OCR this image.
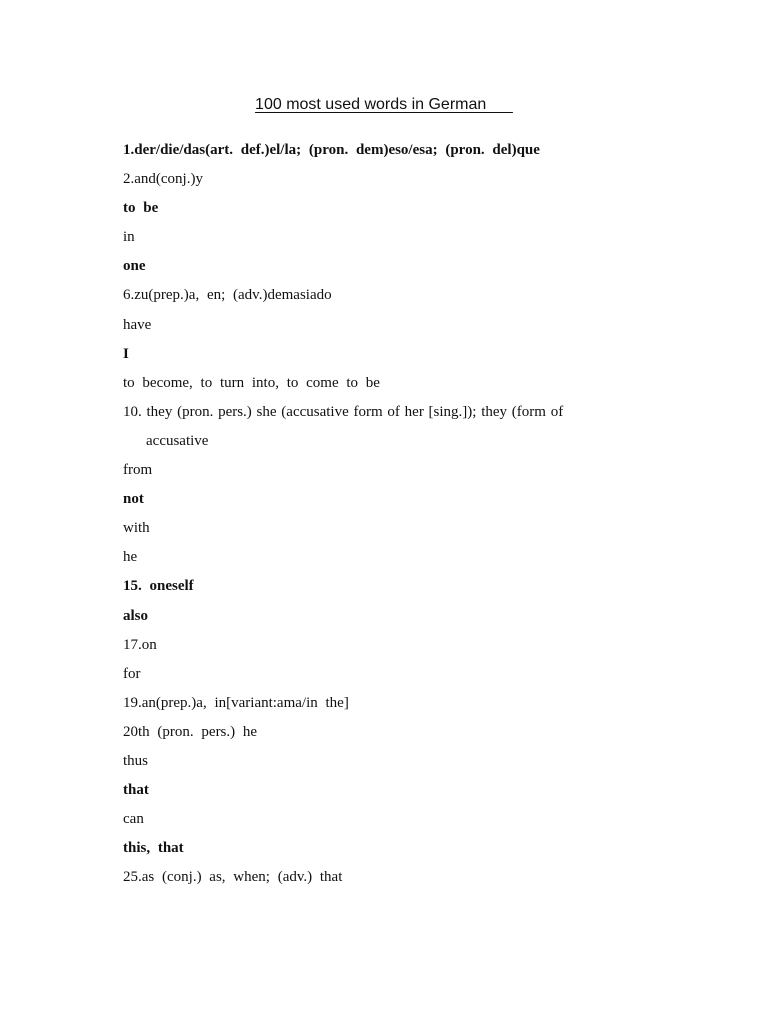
100 most used words in German
1.der/die/das(art. def.)el/la; (pron. dem)eso/esa; (pron. del)que
2.and(conj.)y
to be
in
one
6.zu(prep.)a, en; (adv.)demasiado
have
I
to become, to turn into, to come to be
10. they (pron. pers.) she (accusative form of her [sing.]); they (form of
accusative
from
not
with
he
15. oneself
also
17.on
for
19.an(prep.)a, in[variant:ama/in the]
20th (pron. pers.) he
thus
that
can
this, that
25.as (conj.) as, when; (adv.) that
